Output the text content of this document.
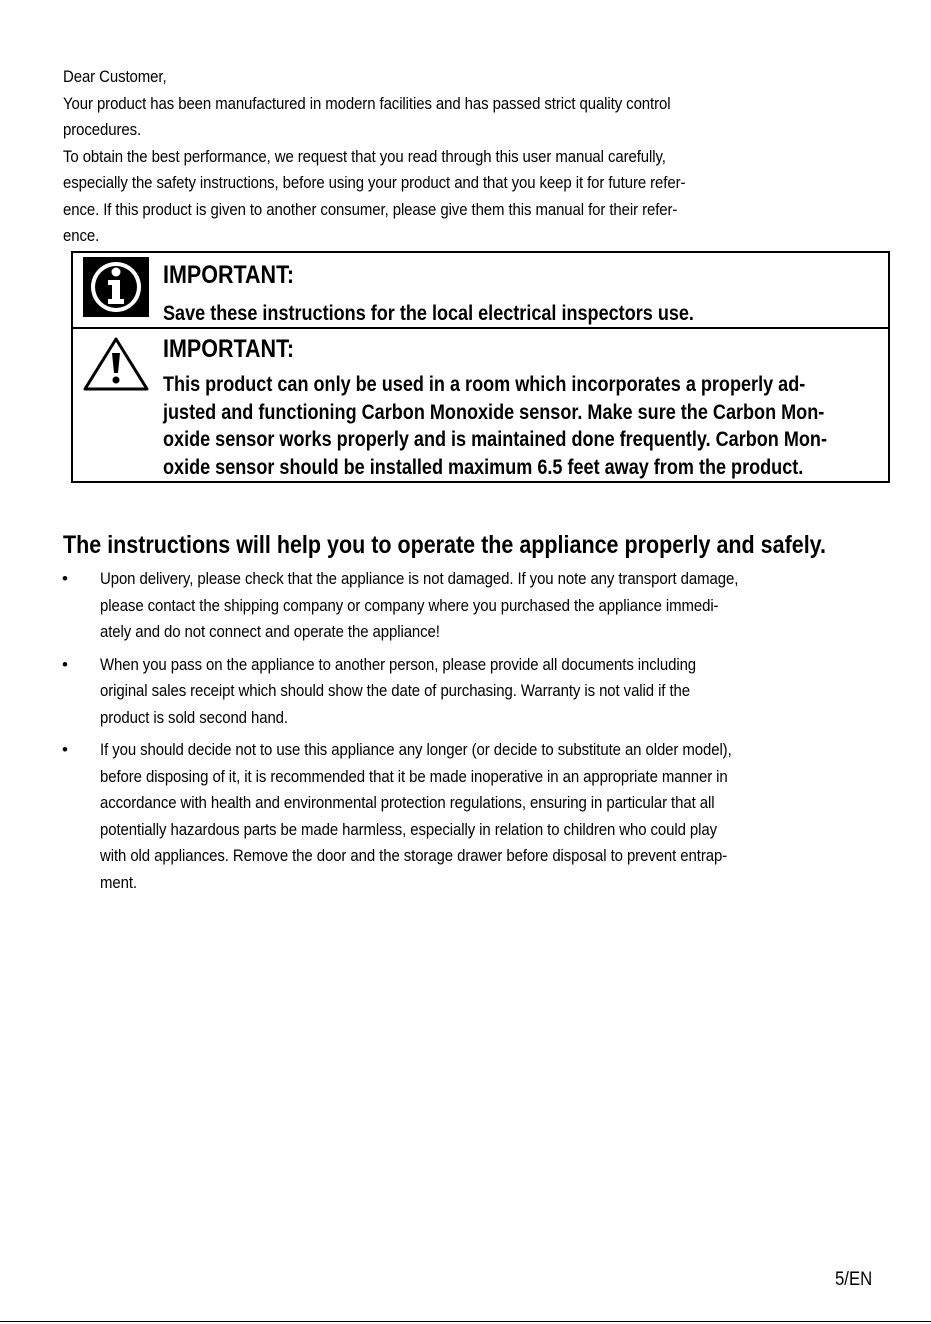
Dear Customer,

Your product has been manufactured in modern facilities and has passed strict quality control

procedures.

To obtain the best performance, we request that you read through this user manual carefully,

especially the safety instructions, before using your product and that you keep it for future refer-

ence. If this product is given to another consumer, please give them this manual for their refer-

ence.

IMPORTANT:

Save these instructions for the local electrical inspectors use.

IMPORTANT:
This product can only be used in a room which incorporates a properly ad-
justed and functioning Carbon Monoxide sensor. Make sure the Carbon Mon-
oxide sensor works properly and is maintained done frequently. Carbon Mon-
oxide sensor should be installed maximum 6.5 feet away from the product.
The instructions will help you to operate the appliance properly and safely.
• Upon delivery, please check that the appliance is not damaged. If you note any transport damage,
please contact the shipping company or company where you purchased the appliance immedi-
ately and do not connect and operate the appliance!
• When you pass on the appliance to another person, please provide all documents including
original sales receipt which should show the date of purchasing. Warranty is not valid if the
product is sold second hand.
• If you should decide not to use this appliance any longer (or decide to substitute an older model),
before disposing of it, it is recommended that it be made inoperative in an appropriate manner in
accordance with health and environmental protection regulations, ensuring in particular that all
potentially hazardous parts be made harmless, especially in relation to children who could play
with old appliances. Remove the door and the storage drawer before disposal to prevent entrap-
ment.
5/EN
